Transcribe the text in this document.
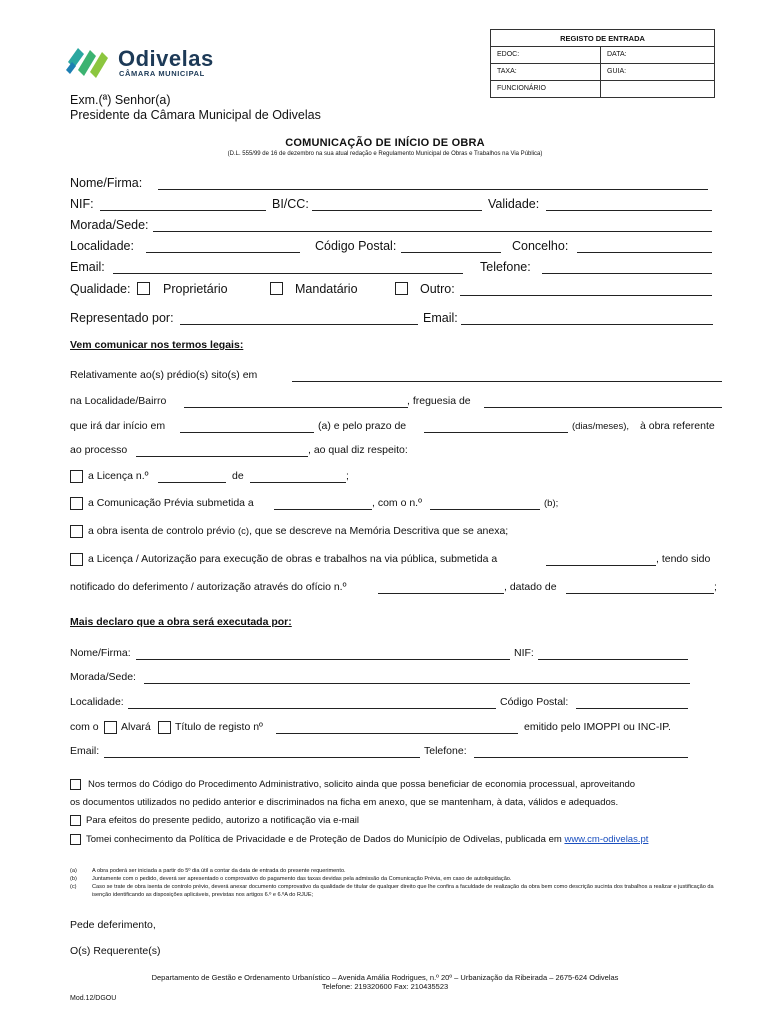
Odivelas
CÂMARA MUNICIPAL
REGISTO DE ENTRADA
EDOC:	DATA:
TAXA:	GUIA:
FUNCIONÁRIO
Exm.(ª) Senhor(a)
Presidente da Câmara Municipal de Odivelas
COMUNICAÇÃO DE INÍCIO DE OBRA
(D.L. 555/99 de 16 de dezembro na sua atual redação e Regulamento Municipal de Obras e Trabalhos na Via Pública)
Nome/Firma:
NIF:	BI/CC:	Validade:
Morada/Sede:
Localidade:	Código Postal:	Concelho:
Email:	Telefone:
Qualidade:	Proprietário	Mandatário	Outro:
Representado por:	Email:
Vem comunicar nos termos legais:
Relativamente ao(s) prédio(s) sito(s) em
na Localidade/Bairro	, freguesia de
que irá dar início em	(a) e pelo prazo de	(dias/meses), à obra referente
ao processo	, ao qual diz respeito:
a Licença n.º	de	;
a Comunicação Prévia submetida a	, com o n.º	(b);
a obra isenta de controlo prévio (c), que se descreve na Memória Descritiva que se anexa;
a Licença / Autorização para execução de obras e trabalhos na via pública, submetida a	, tendo sido
notificado do deferimento / autorização através do ofício n.º	, datado de	;
Mais declaro que a obra será executada por:
Nome/Firma:	NIF:
Morada/Sede:
Localidade:	Código Postal:
com o Alvará Título de registo nº	emitido pelo IMOPPI ou INC-IP.
Email:	Telefone:
Nos termos do Código do Procedimento Administrativo, solicito ainda que possa beneficiar de economia processual, aproveitando
os documentos utilizados no pedido anterior e discriminados na ficha em anexo, que se mantenham, à data, válidos e adequados.
Para efeitos do presente pedido, autorizo a notificação via e-mail
Tomei conhecimento da Política de Privacidade e de Proteção de Dados do Município de Odivelas, publicada em www.cm-odivelas.pt
(a)	A obra poderá ser iniciada a partir do 5º dia útil a contar da data de entrada do presente requerimento.
(b)	Juntamente com o pedido, deverá ser apresentado o comprovativo do pagamento das taxas devidas pela admissão da Comunicação Prévia, em caso de autoliquidação.
(c)	Caso se trate de obra isenta de controlo prévio, deverá anexar documento comprovativo da qualidade de titular de qualquer direito que lhe confira a faculdade de realização da obra bem como descrição sucinta dos trabalhos a realizar e justificação da isenção identificando as disposições aplicáveis, previstas nos artigos 6.º e 6.ºA do RJUE;
Pede deferimento,
O(s) Requerente(s)
Departamento de Gestão e Ordenamento Urbanístico – Avenida Amália Rodrigues, n.º 20º – Urbanização da Ribeirada – 2675-624 Odivelas
Telefone: 219320600 Fax: 210435523
Mod.12/DGOU
